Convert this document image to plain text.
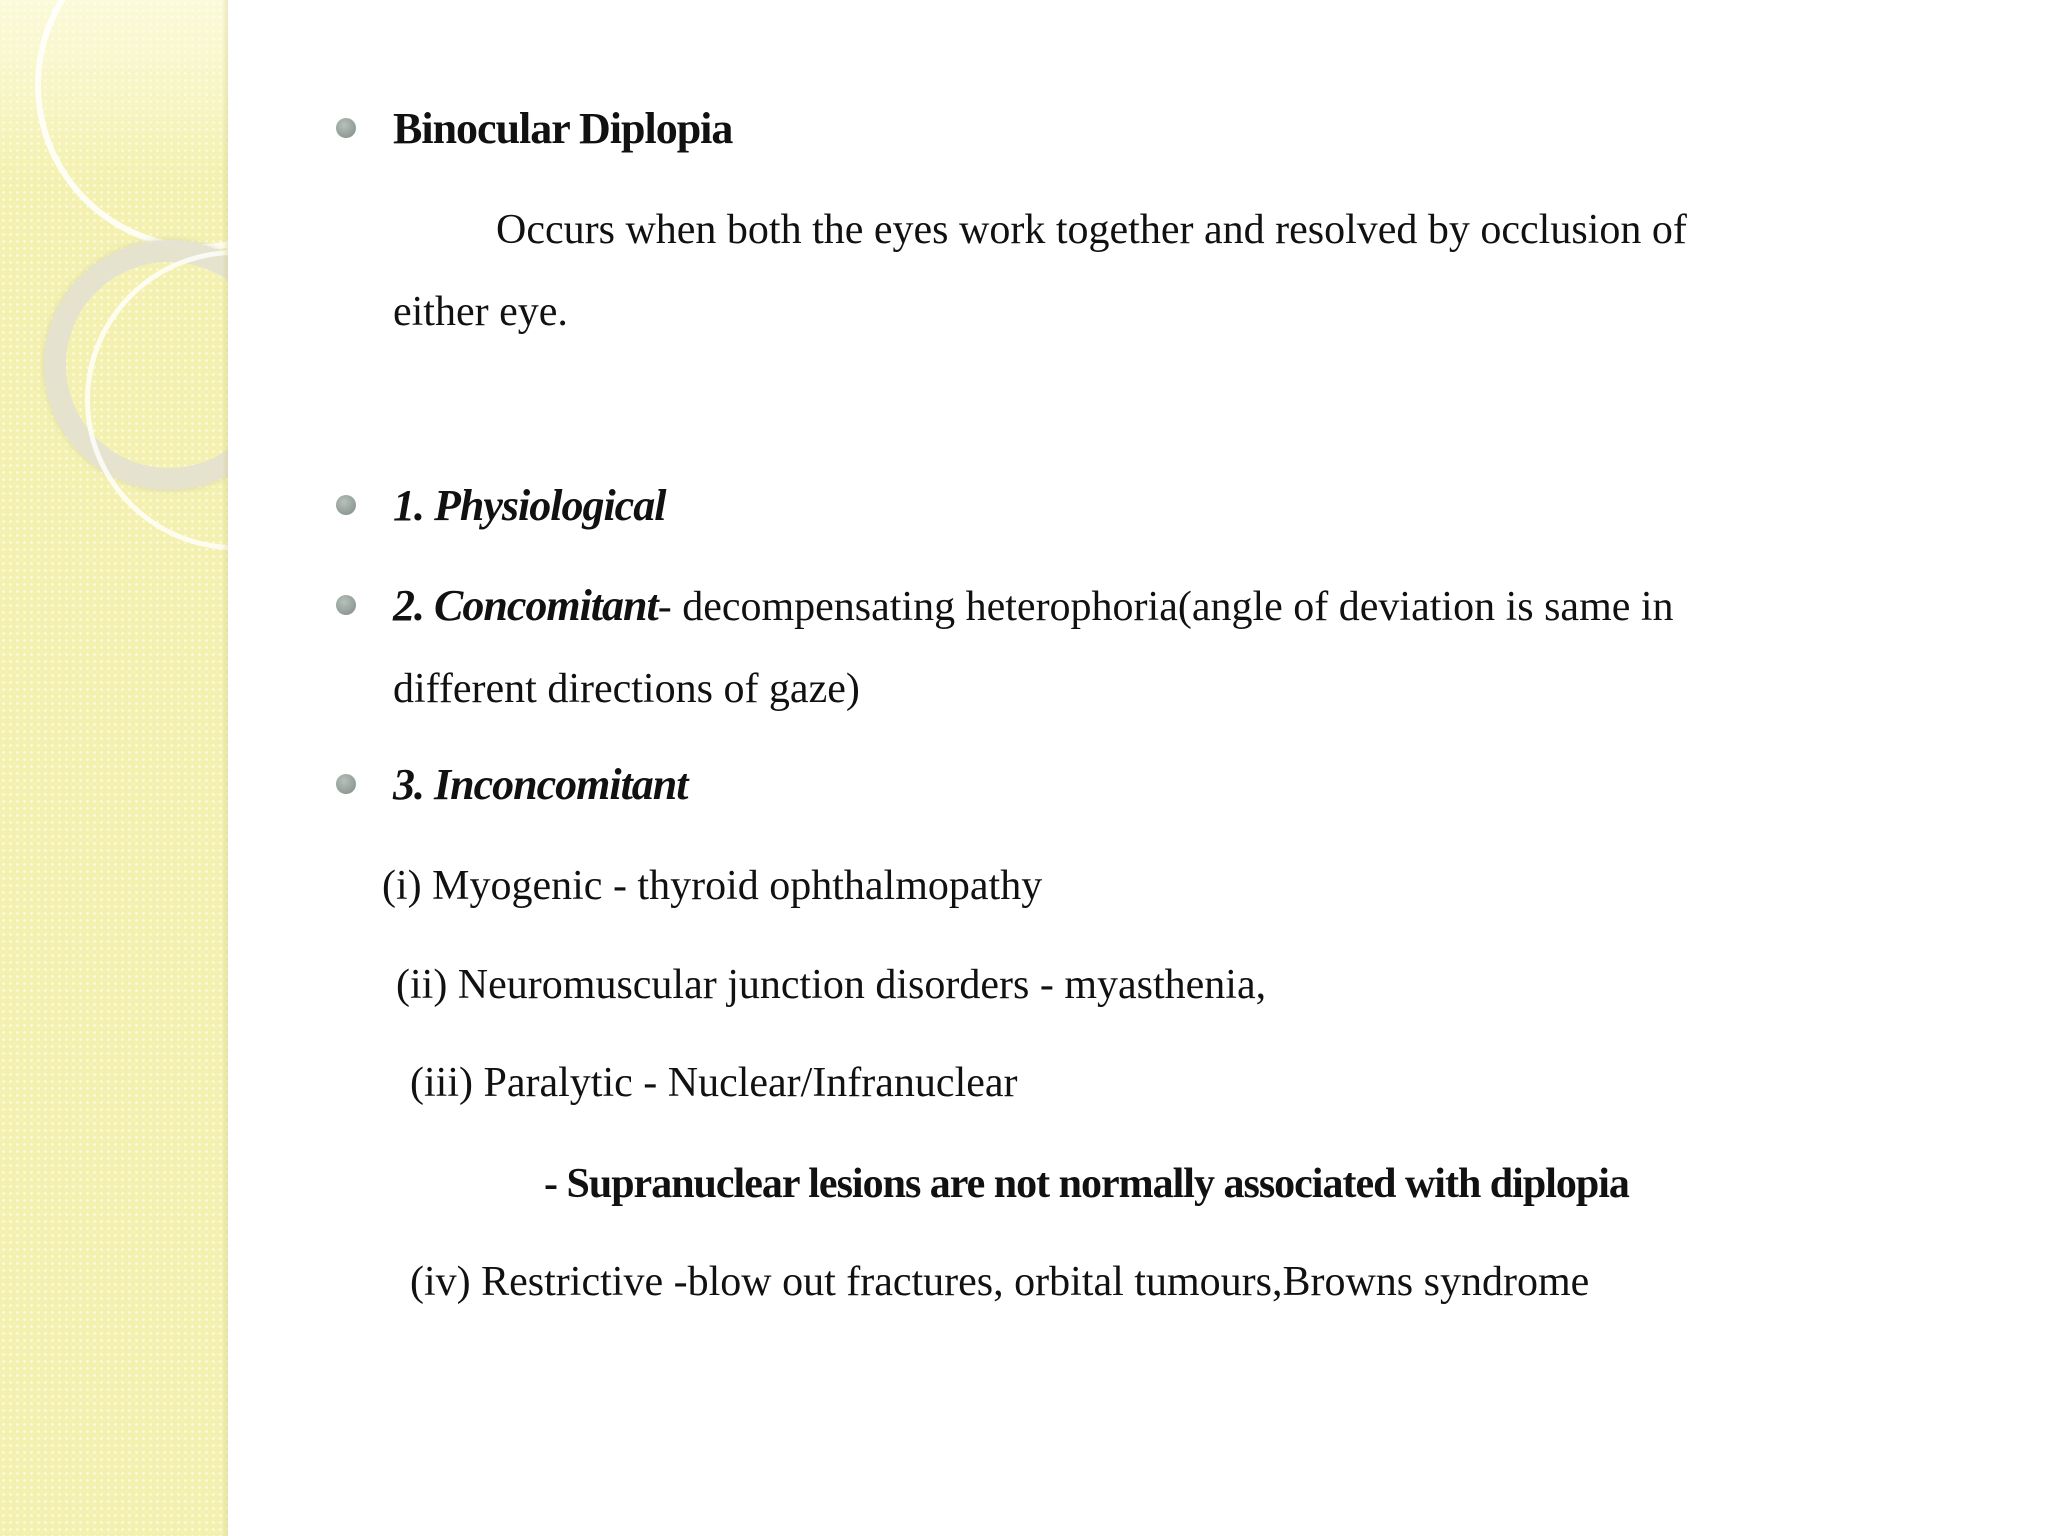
Binocular Diplopia

Occurs when both the eyes work together and resolved by occlusion of

either eye.

1. Physiological

2. Concomitant- decompensating heterophoria(angle of deviation is same in

different directions of gaze)

3. Inconcomitant

(i) Myogenic - thyroid ophthalmopathy

(ii) Neuromuscular junction disorders - myasthenia,

(iii) Paralytic - Nuclear/Infranuclear

- Supranuclear lesions are not normally associated with diplopia

(iv) Restrictive -blow out fractures, orbital tumours,Browns syndrome
